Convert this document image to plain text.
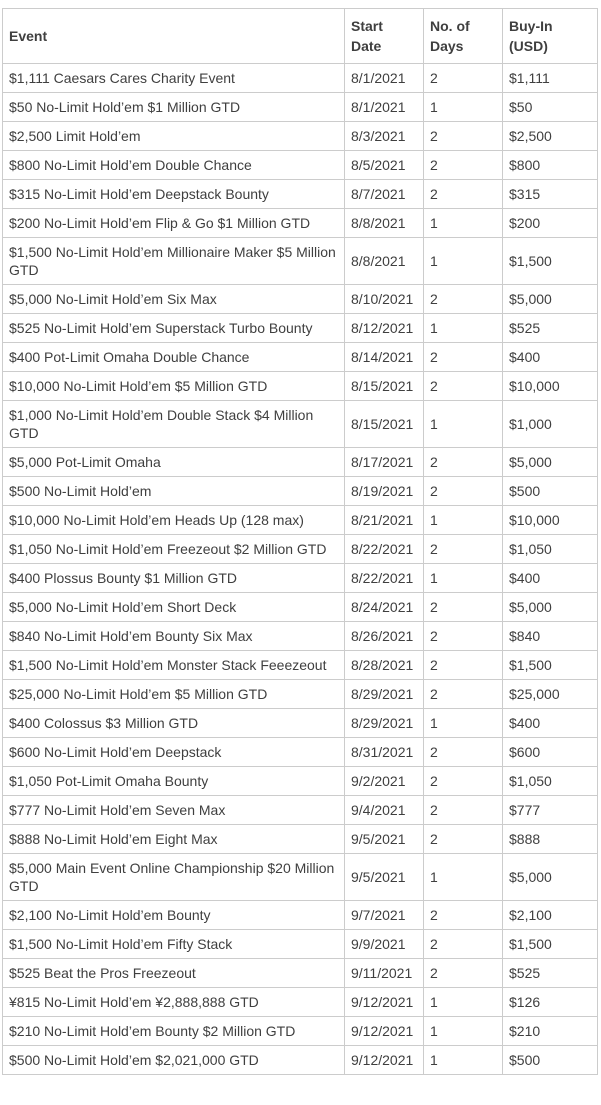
Event	Start Date	No. of Days	Buy-In (USD)
$1,111 Caesars Cares Charity Event	8/1/2021	2	$1,111
$50 No-Limit Hold’em $1 Million GTD	8/1/2021	1	$50
$2,500 Limit Hold’em	8/3/2021	2	$2,500
$800 No-Limit Hold’em Double Chance	8/5/2021	2	$800
$315 No-Limit Hold’em Deepstack Bounty	8/7/2021	2	$315
$200 No-Limit Hold’em Flip & Go $1 Million GTD	8/8/2021	1	$200
$1,500 No-Limit Hold’em Millionaire Maker $5 Million GTD	8/8/2021	1	$1,500
$5,000 No-Limit Hold’em Six Max	8/10/2021	2	$5,000
$525 No-Limit Hold’em Superstack Turbo Bounty	8/12/2021	1	$525
$400 Pot-Limit Omaha Double Chance	8/14/2021	2	$400
$10,000 No-Limit Hold’em $5 Million GTD	8/15/2021	2	$10,000
$1,000 No-Limit Hold’em Double Stack $4 Million GTD	8/15/2021	1	$1,000
$5,000 Pot-Limit Omaha	8/17/2021	2	$5,000
$500 No-Limit Hold’em	8/19/2021	2	$500
$10,000 No-Limit Hold’em Heads Up (128 max)	8/21/2021	1	$10,000
$1,050 No-Limit Hold’em Freezeout $2 Million GTD	8/22/2021	2	$1,050
$400 Plossus Bounty $1 Million GTD	8/22/2021	1	$400
$5,000 No-Limit Hold’em Short Deck	8/24/2021	2	$5,000
$840 No-Limit Hold’em Bounty Six Max	8/26/2021	2	$840
$1,500 No-Limit Hold’em Monster Stack Feeezeout	8/28/2021	2	$1,500
$25,000 No-Limit Hold’em $5 Million GTD	8/29/2021	2	$25,000
$400 Colossus $3 Million GTD	8/29/2021	1	$400
$600 No-Limit Hold’em Deepstack	8/31/2021	2	$600
$1,050 Pot-Limit Omaha Bounty	9/2/2021	2	$1,050
$777 No-Limit Hold’em Seven Max	9/4/2021	2	$777
$888 No-Limit Hold’em Eight Max	9/5/2021	2	$888
$5,000 Main Event Online Championship $20 Million GTD	9/5/2021	1	$5,000
$2,100 No-Limit Hold’em Bounty	9/7/2021	2	$2,100
$1,500 No-Limit Hold’em Fifty Stack	9/9/2021	2	$1,500
$525 Beat the Pros Freezeout	9/11/2021	2	$525
¥815 No-Limit Hold’em ¥2,888,888 GTD	9/12/2021	1	$126
$210 No-Limit Hold’em Bounty $2 Million GTD	9/12/2021	1	$210
$500 No-Limit Hold’em $2,021,000 GTD	9/12/2021	1	$500
